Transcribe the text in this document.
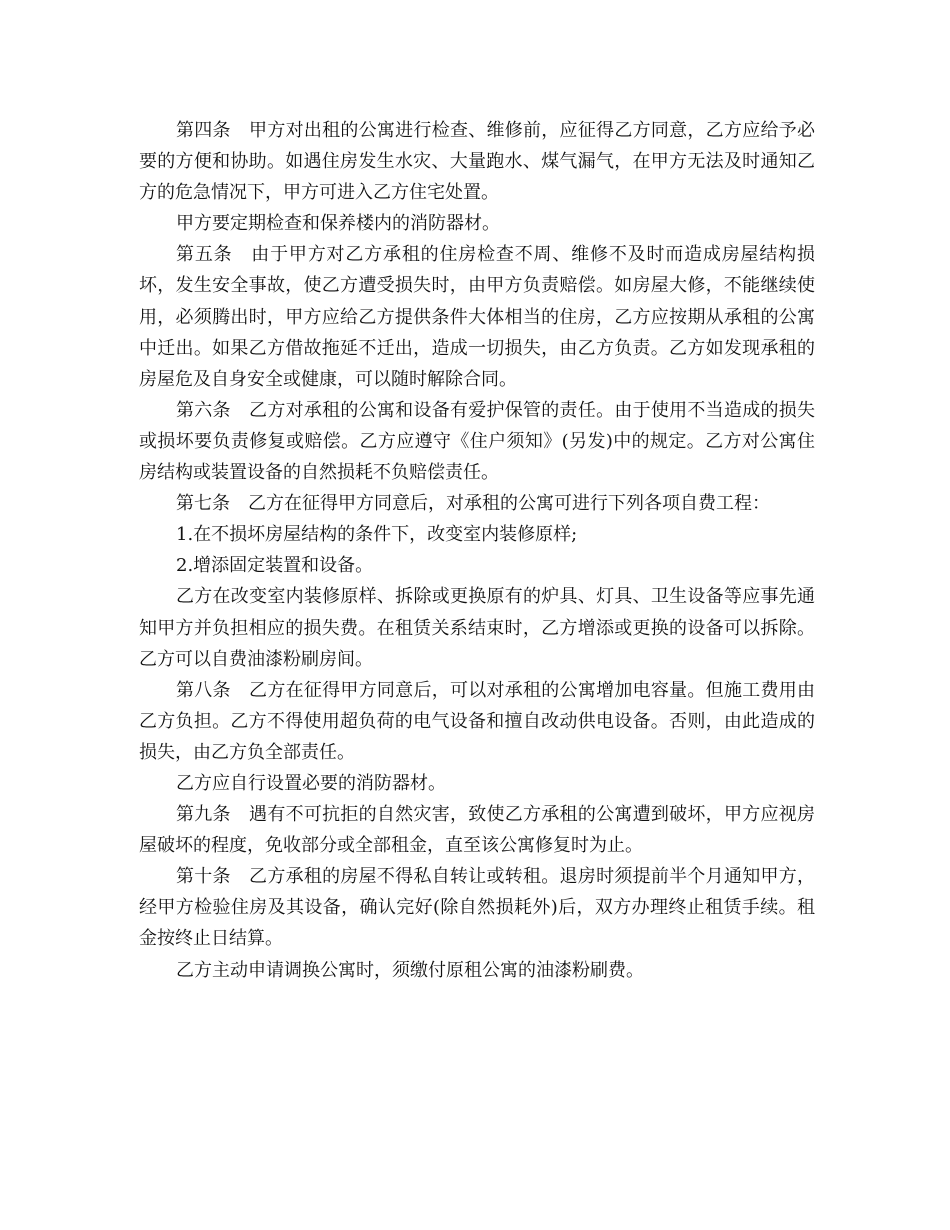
第四条　甲方对出租的公寓进行检查、维修前，应征得乙方同意，乙方应给予必要的方便和协助。如遇住房发生水灾、大量跑水、煤气漏气，在甲方无法及时通知乙方的危急情况下，甲方可进入乙方住宅处置。

甲方要定期检查和保养楼内的消防器材。

第五条　由于甲方对乙方承租的住房检查不周、维修不及时而造成房屋结构损坏，发生安全事故，使乙方遭受损失时，由甲方负责赔偿。如房屋大修，不能继续使用，必须腾出时，甲方应给乙方提供条件大体相当的住房，乙方应按期从承租的公寓中迁出。如果乙方借故拖延不迁出，造成一切损失，由乙方负责。乙方如发现承租的房屋危及自身安全或健康，可以随时解除合同。

第六条　乙方对承租的公寓和设备有爱护保管的责任。由于使用不当造成的损失或损坏要负责修复或赔偿。乙方应遵守《住户须知》(另发)中的规定。乙方对公寓住房结构或装置设备的自然损耗不负赔偿责任。

第七条　乙方在征得甲方同意后，对承租的公寓可进行下列各项自费工程：

1.在不损坏房屋结构的条件下，改变室内装修原样;

2.增添固定装置和设备。

乙方在改变室内装修原样、拆除或更换原有的炉具、灯具、卫生设备等应事先通知甲方并负担相应的损失费。在租赁关系结束时，乙方增添或更换的设备可以拆除。乙方可以自费油漆粉刷房间。

第八条　乙方在征得甲方同意后，可以对承租的公寓增加电容量。但施工费用由乙方负担。乙方不得使用超负荷的电气设备和擅自改动供电设备。否则，由此造成的损失，由乙方负全部责任。

乙方应自行设置必要的消防器材。

第九条　遇有不可抗拒的自然灾害，致使乙方承租的公寓遭到破坏，甲方应视房屋破坏的程度，免收部分或全部租金，直至该公寓修复时为止。

第十条　乙方承租的房屋不得私自转让或转租。退房时须提前半个月通知甲方，经甲方检验住房及其设备，确认完好(除自然损耗外)后，双方办理终止租赁手续。租金按终止日结算。

乙方主动申请调换公寓时，须缴付原租公寓的油漆粉刷费。
